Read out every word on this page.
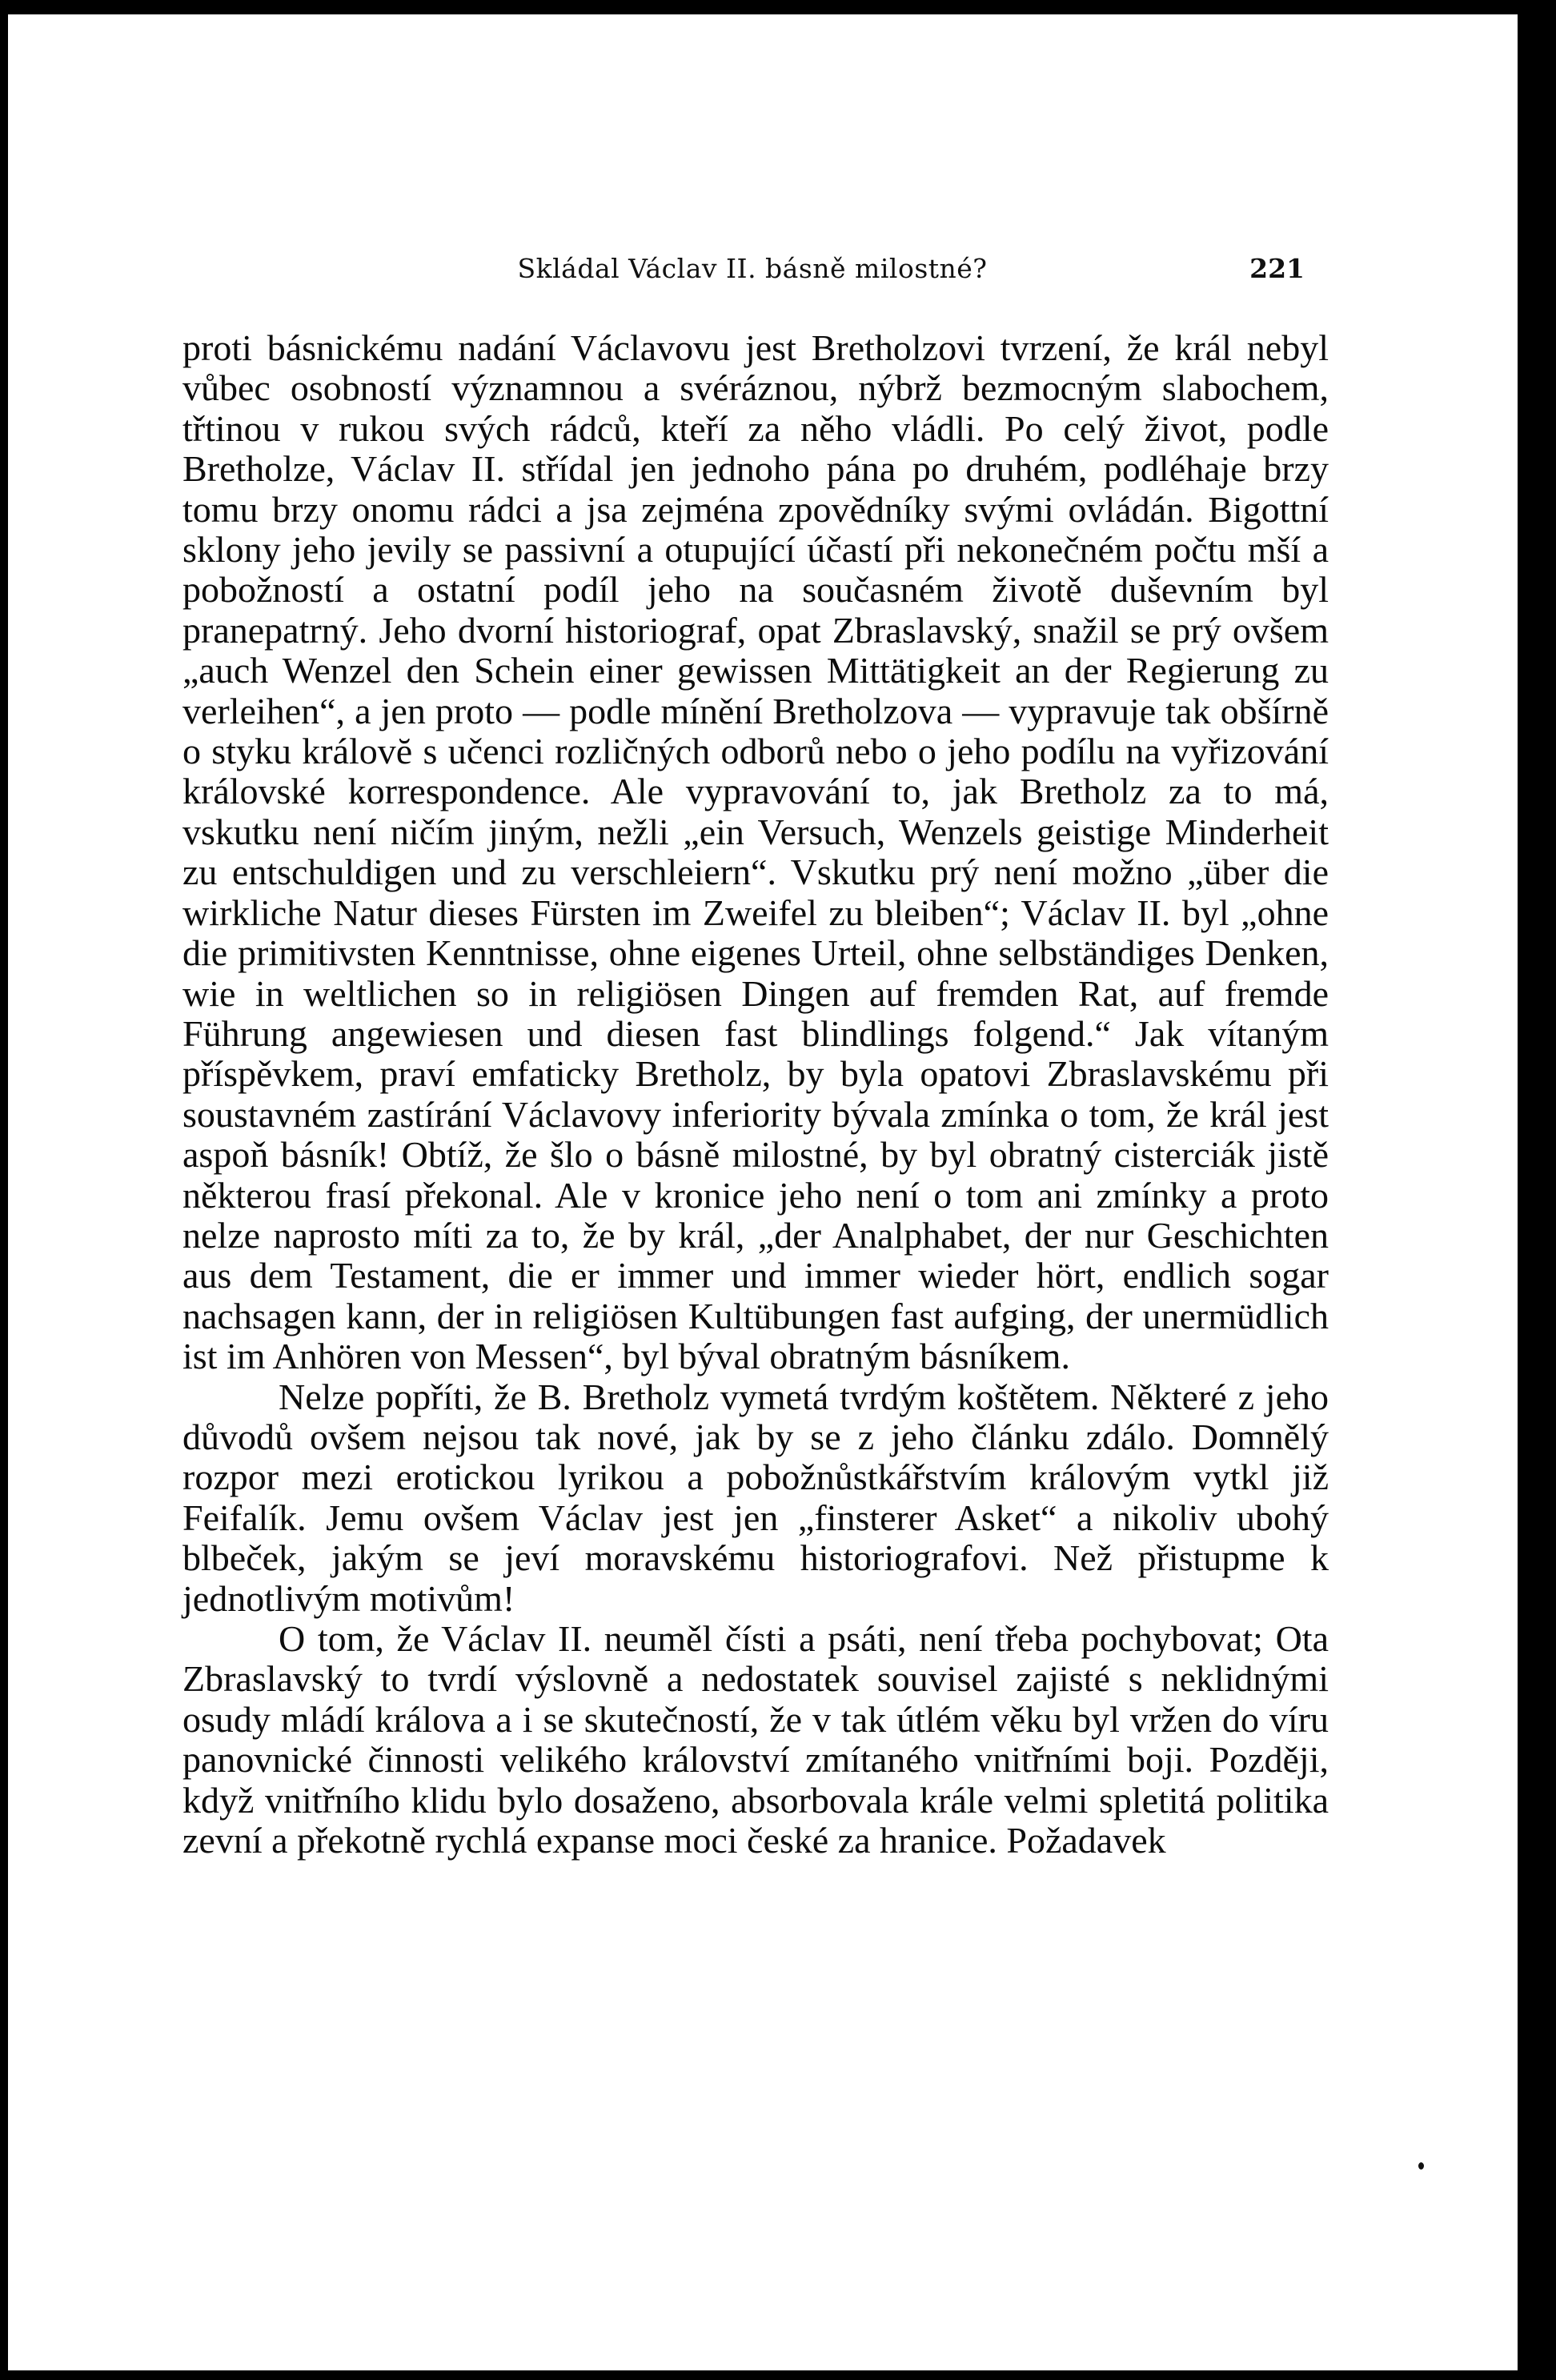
Skládal Václav II. básně milostné?	221

proti básnickému nadání Václavovu jest Bretholzovi tvrzení, že král nebyl vůbec osobností významnou a svéráznou, nýbrž bezmocným slabochem, třtinou v rukou svých rádců, kteří za něho vládli. Po celý život, podle Bretholze, Václav II. střídal jen jednoho pána po druhém, podléhaje brzy tomu brzy onomu rádci a jsa zejména zpovědníky svými ovládán. Bigottní sklony jeho jevily se passivní a otupující účastí při nekonečném počtu mší a pobožností a ostatní podíl jeho na současném životě duševním byl pranepatrný. Jeho dvorní historiograf, opat Zbraslavský, snažil se prý ovšem „auch Wenzel den Schein einer gewissen Mittätigkeit an der Regierung zu verleihen“, a jen proto — podle mínění Bretholzova — vypravuje tak obšírně o styku královĕ s učenci rozličných odborů nebo o jeho podílu na vyřizování královské korrespondence. Ale vypravování to, jak Bretholz za to má, vskutku není ničím jiným, nežli „ein Versuch, Wenzels geistige Minderheit zu entschuldigen und zu verschleiern“. Vskutku prý není možno „über die wirkliche Natur dieses Fürsten im Zweifel zu bleiben“; Václav II. byl „ohne die primitivsten Kenntnisse, ohne eigenes Urteil, ohne selbständiges Denken, wie in weltlichen so in religiösen Dingen auf fremden Rat, auf fremde Führung angewiesen und diesen fast blindlings folgend.“ Jak vítaným příspěvkem, praví emfaticky Bretholz, by byla opatovi Zbraslavskému při soustavném zastírání Václavovy inferiority bývala zmínka o tom, že král jest aspoň básník! Obtíž, že šlo o básně milostné, by byl obratný cisterciák jistě některou frasí překonal. Ale v kronice jeho není o tom ani zmínky a proto nelze naprosto míti za to, že by král, „der Analphabet, der nur Geschichten aus dem Testament, die er immer und immer wieder hört, endlich sogar nachsagen kann, der in religiösen Kultübungen fast aufging, der unermüdlich ist im Anhören von Messen“, byl býval obratným básníkem.

Nelze popříti, že B. Bretholz vymetá tvrdým koštětem. Některé z jeho důvodů ovšem nejsou tak nové, jak by se z jeho článku zdálo. Domnělý rozpor mezi erotickou lyrikou a pobožnůstkářstvím královým vytkl již Feifalík. Jemu ovšem Václav jest jen „finsterer Asket“ a nikoliv ubohý blbeček, jakým se jeví moravskému historiografovi. Než přistupme k jednotlivým motivům!

O tom, že Václav II. neuměl čísti a psáti, není třeba pochybovat; Ota Zbraslavský to tvrdí výslovně a nedostatek souvisel zajisté s neklidnými osudy mládí králova a i se skutečností, že v tak útlém věku byl vržen do víru panovnické činnosti velikého království zmítaného vnitřními boji. Později, když vnitřního klidu bylo dosaženo, absorbovala krále velmi spletitá politika zevní a překotně rychlá expanse moci české za hranice. Požadavek
